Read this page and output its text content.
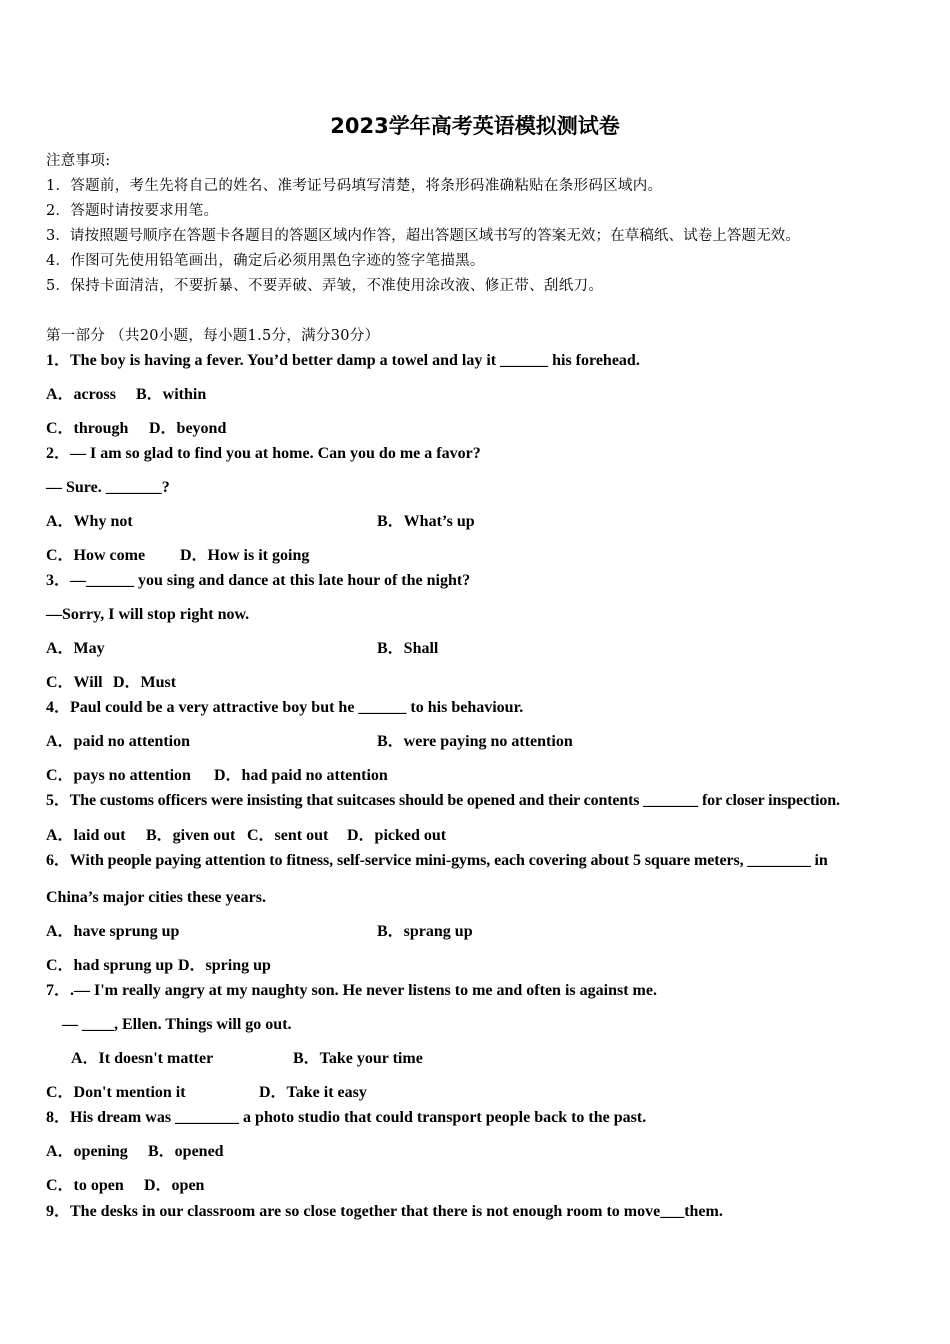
2023学年高考英语模拟测试卷
注意事项:
1．答题前，考生先将自己的姓名、准考证号码填写清楚，将条形码准确粘贴在条形码区域内。
2．答题时请按要求用笔。
3．请按照题号顺序在答题卡各题目的答题区域内作答，超出答题区域书写的答案无效；在草稿纸、试卷上答题无效。
4．作图可先使用铅笔画出，确定后必须用黑色字迹的签字笔描黑。
5．保持卡面清洁，不要折暴、不要弄破、弄皱，不准使用涂改液、修正带、刮纸刀。
第一部分 （共20小题，每小题1.5分，满分30分）
1．The boy is having a fever. You’d better damp a towel and lay it ______ his forehead.
A．across B．within
C．through D．beyond
2．— I am so glad to find you at home. Can you do me a favor?
— Sure. _______?
A．Why not	B．What’s up
C．How come D．How is it going
3．—______ you sing and dance at this late hour of the night?
—Sorry, I will stop right now.
A．May	B．Shall
C．Will D．Must
4．Paul could be a very attractive boy but he ______ to his behaviour.
A．paid no attention	B．were paying no attention
C．pays no attention D．had paid no attention
5．The customs officers were insisting that suitcases should be opened and their contents _______ for closer inspection.
A．laid out B．given out C．sent out D．picked out
6．With people paying attention to fitness, self-service mini-gyms, each covering about 5 square meters, ________ in
China’s major cities these years.
A．have sprung up	B．sprang up
C．had sprung up D．spring up
7．.— I'm really angry at my naughty son. He never listens to me and often is against me.
— ____, Ellen. Things will go out.
A．It doesn't matter	B．Take your time
C．Don't mention it	D．Take it easy
8．His dream was ________ a photo studio that could transport people back to the past.
A．opening B．opened
C．to open D．open
9．The desks in our classroom are so close together that there is not enough room to move___them.
